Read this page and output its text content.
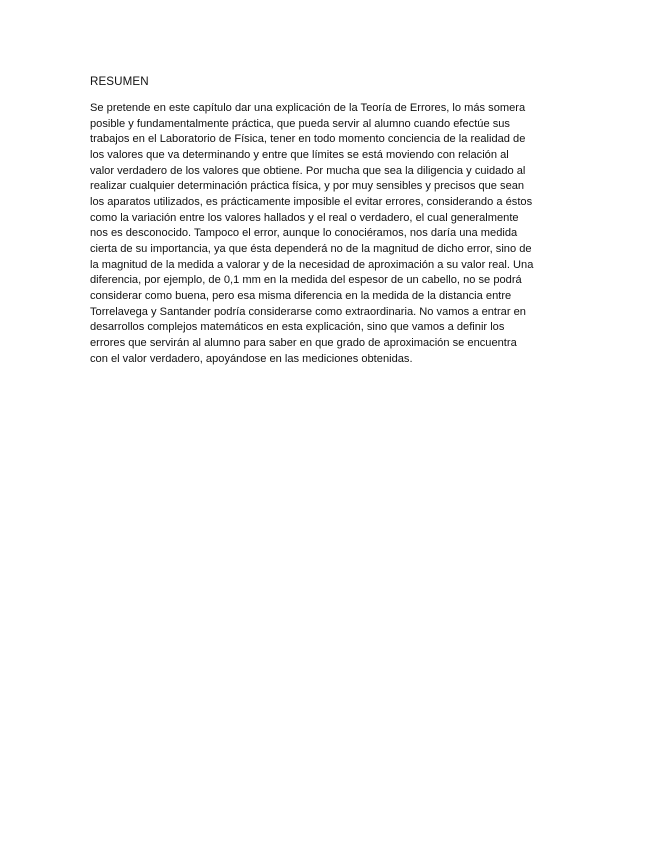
RESUMEN
Se pretende en este capítulo dar una explicación de la Teoría de Errores, lo más somera
posible y fundamentalmente práctica, que pueda servir al alumno cuando efectúe sus
trabajos en el Laboratorio de Física, tener en todo momento conciencia de la realidad de
los valores que va determinando y entre que límites se está moviendo con relación al
valor verdadero de los valores que obtiene. Por mucha que sea la diligencia y cuidado al
realizar cualquier determinación práctica física, y por muy sensibles y precisos que sean
los aparatos utilizados, es prácticamente imposible el evitar errores, considerando a éstos
como la variación entre los valores hallados y el real o verdadero, el cual generalmente
nos es desconocido. Tampoco el error, aunque lo conociéramos, nos daría una medida
cierta de su importancia, ya que ésta dependerá no de la magnitud de dicho error, sino de
la magnitud de la medida a valorar y de la necesidad de aproximación a su valor real. Una
diferencia, por ejemplo, de 0,1 mm en la medida del espesor de un cabello, no se podrá
considerar como buena, pero esa misma diferencia en la medida de la distancia entre
Torrelavega y Santander podría considerarse como extraordinaria. No vamos a entrar en
desarrollos complejos matemáticos en esta explicación, sino que vamos a definir los
errores que servirán al alumno para saber en que grado de aproximación se encuentra
con el valor verdadero, apoyándose en las mediciones obtenidas.
